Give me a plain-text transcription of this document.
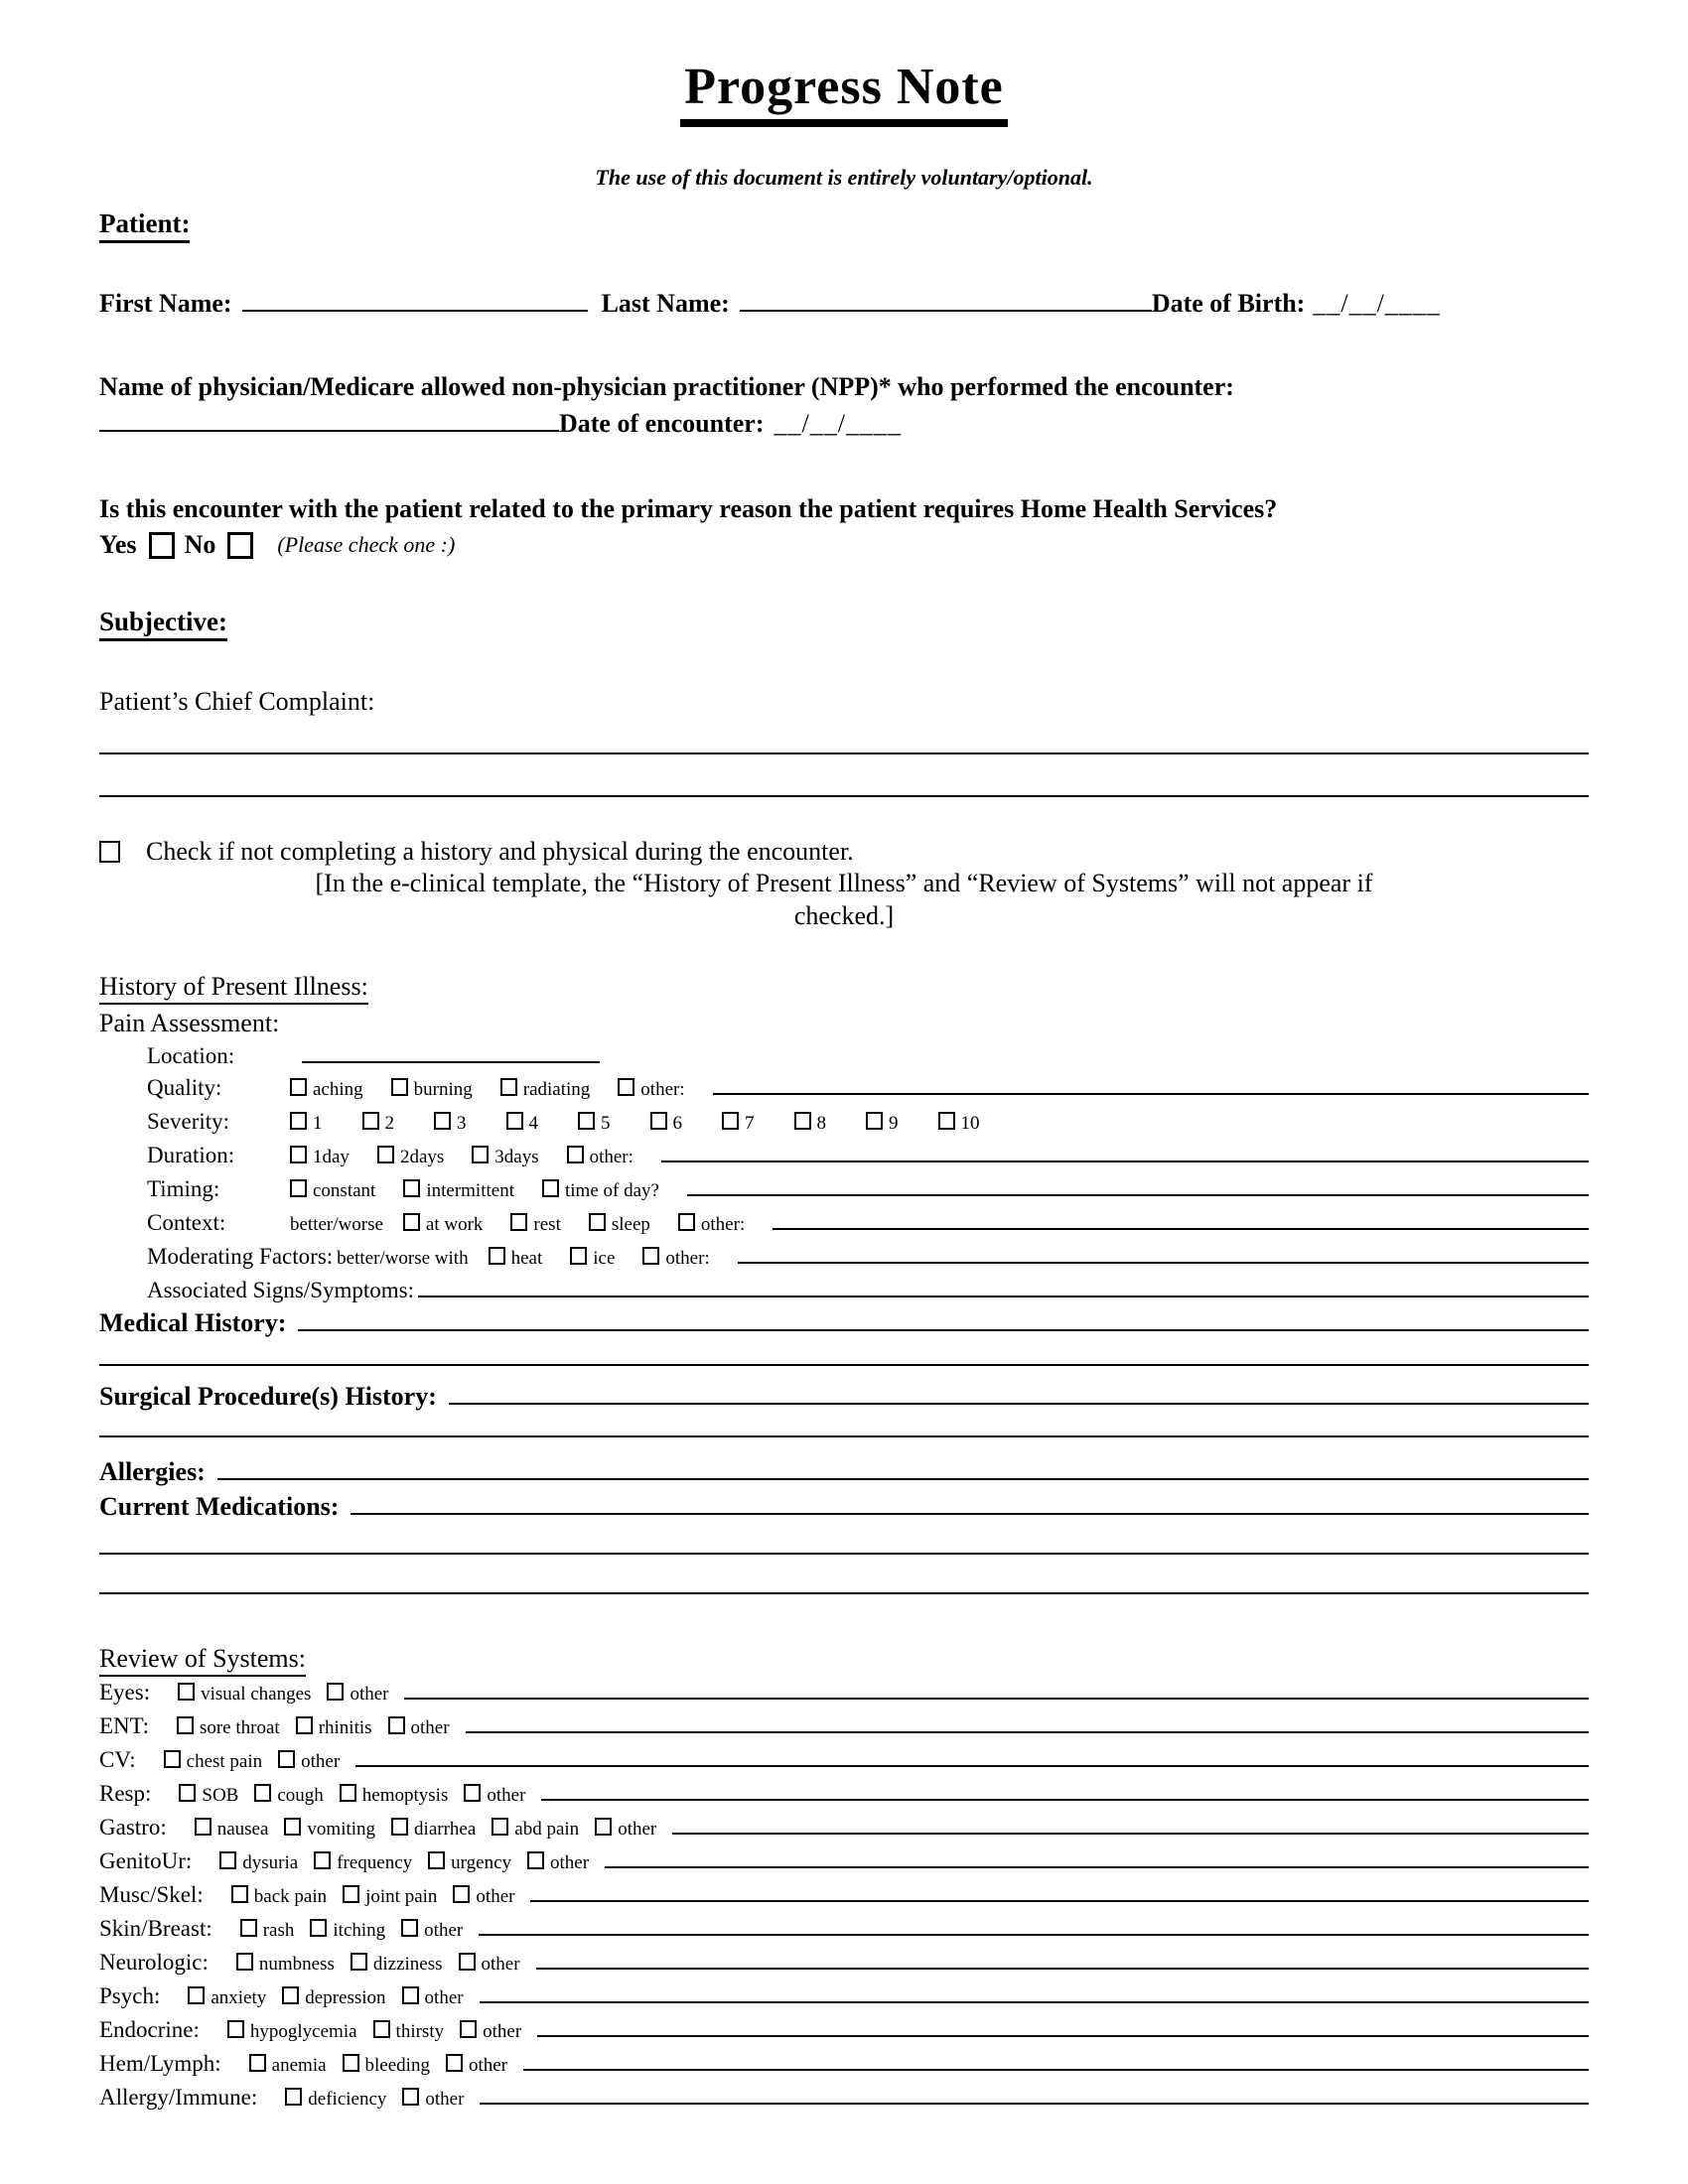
Progress Note
The use of this document is entirely voluntary/optional.
Patient:
First Name:	Last Name:	Date of Birth: __/__/____
Name of physician/Medicare allowed non-physician practitioner (NPP)* who performed the encounter:
Date of encounter: __/__/____
Is this encounter with the patient related to the primary reason the patient requires Home Health Services?
Yes No	(Please check one :)
Subjective:
Patient’s Chief Complaint:
Check if not completing a history and physical during the encounter.
[In the e-clinical template, the “History of Present Illness” and “Review of Systems” will not appear if
checked.]
History of Present Illness:
Pain Assessment:
Location:
Quality:	aching	burning	radiating	other:
Severity:	1	2	3	4	5	6	7	8	9	10
Duration:	1day	2days	3days	other:
Timing:	constant	intermittent	time of day?
Context:	better/worse	at work	rest	sleep	other:
Moderating Factors: better/worse with	heat	ice	other:
Associated Signs/Symptoms:
Medical History:
Surgical Procedure(s) History:
Allergies:
Current Medications:
Review of Systems:
Eyes:	visual changes	other
ENT:	sore throat	rhinitis	other
CV:	chest pain	other
Resp:	SOB	cough	hemoptysis	other
Gastro:	nausea	vomiting	diarrhea	abd pain	other
GenitoUr:	dysuria	frequency	urgency	other
Musc/Skel:	back pain	joint pain	other
Skin/Breast:	rash	itching	other
Neurologic:	numbness	dizziness	other
Psych:	anxiety	depression	other
Endocrine:	hypoglycemia	thirsty	other
Hem/Lymph:	anemia	bleeding	other
Allergy/Immune:	deficiency	other
